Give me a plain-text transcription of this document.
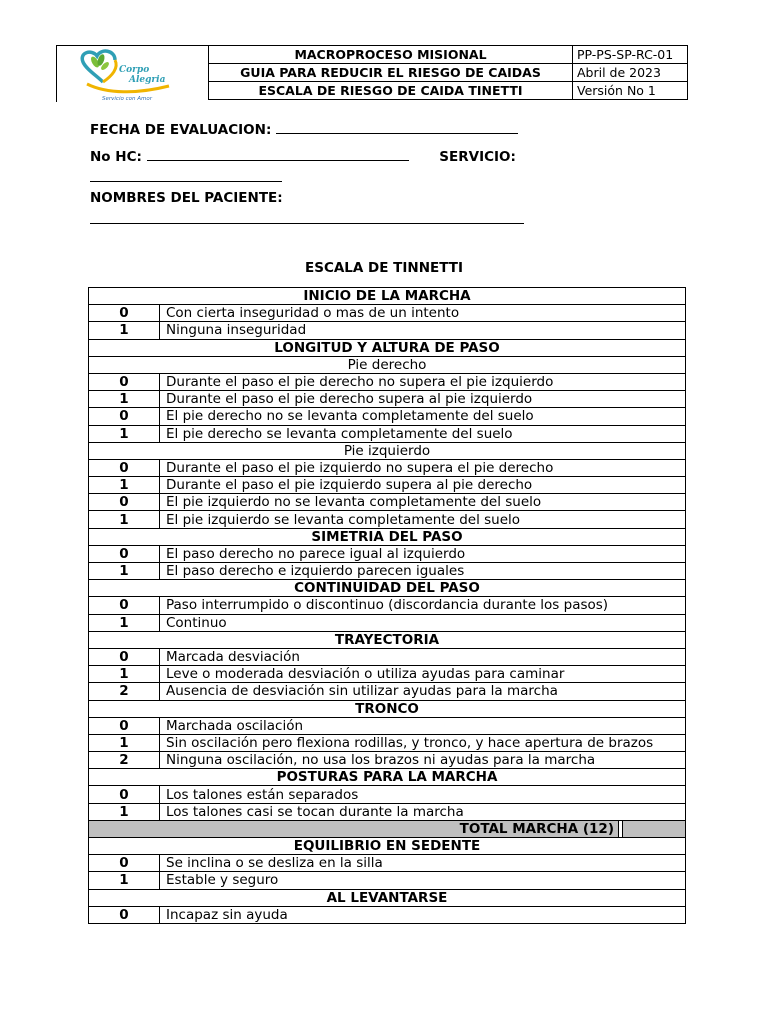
Corpo
Alegria
Servicio con Amor
MACROPROCESO MISIONAL	PP-PS-SP-RC-01
GUIA PARA REDUCIR EL RIESGO DE CAIDAS	Abril de 2023
ESCALA DE RIESGO DE CAIDA TINETTI	Versión No 1
FECHA DE EVALUACION:
No HC:	SERVICIO:
NOMBRES DEL PACIENTE:
ESCALA DE TINNETTI
INICIO DE LA MARCHA
0	Con cierta inseguridad o mas de un intento
1	Ninguna inseguridad
LONGITUD Y ALTURA DE PASO
Pie derecho
0	Durante el paso el pie derecho no supera el pie izquierdo
1	Durante el paso el pie derecho supera al pie izquierdo
0	El pie derecho no se levanta completamente del suelo
1	El pie derecho se levanta completamente del suelo
Pie izquierdo
0	Durante el paso el pie izquierdo no supera el pie derecho
1	Durante el paso el pie izquierdo supera al pie derecho
0	El pie izquierdo no se levanta completamente del suelo
1	El pie izquierdo se levanta completamente del suelo
SIMETRIA DEL PASO
0	El paso derecho no parece igual al izquierdo
1	El paso derecho e izquierdo parecen iguales
CONTINUIDAD DEL PASO
0	Paso interrumpido o discontinuo (discordancia durante los pasos)
1	Continuo
TRAYECTORIA
0	Marcada desviación
1	Leve o moderada desviación o utiliza ayudas para caminar
2	Ausencia de desviación sin utilizar ayudas para la marcha
TRONCO
0	Marchada oscilación
1	Sin oscilación pero flexiona rodillas, y tronco, y hace apertura de brazos
2	Ninguna oscilación, no usa los brazos ni ayudas para la marcha
POSTURAS PARA LA MARCHA
0	Los talones están separados
1	Los talones casi se tocan durante la marcha

TOTAL MARCHA (12)		

EQUILIBRIO EN SEDENTE
0	Se inclina o se desliza en la silla
1	Estable y seguro
AL LEVANTARSE
0	Incapaz sin ayuda
